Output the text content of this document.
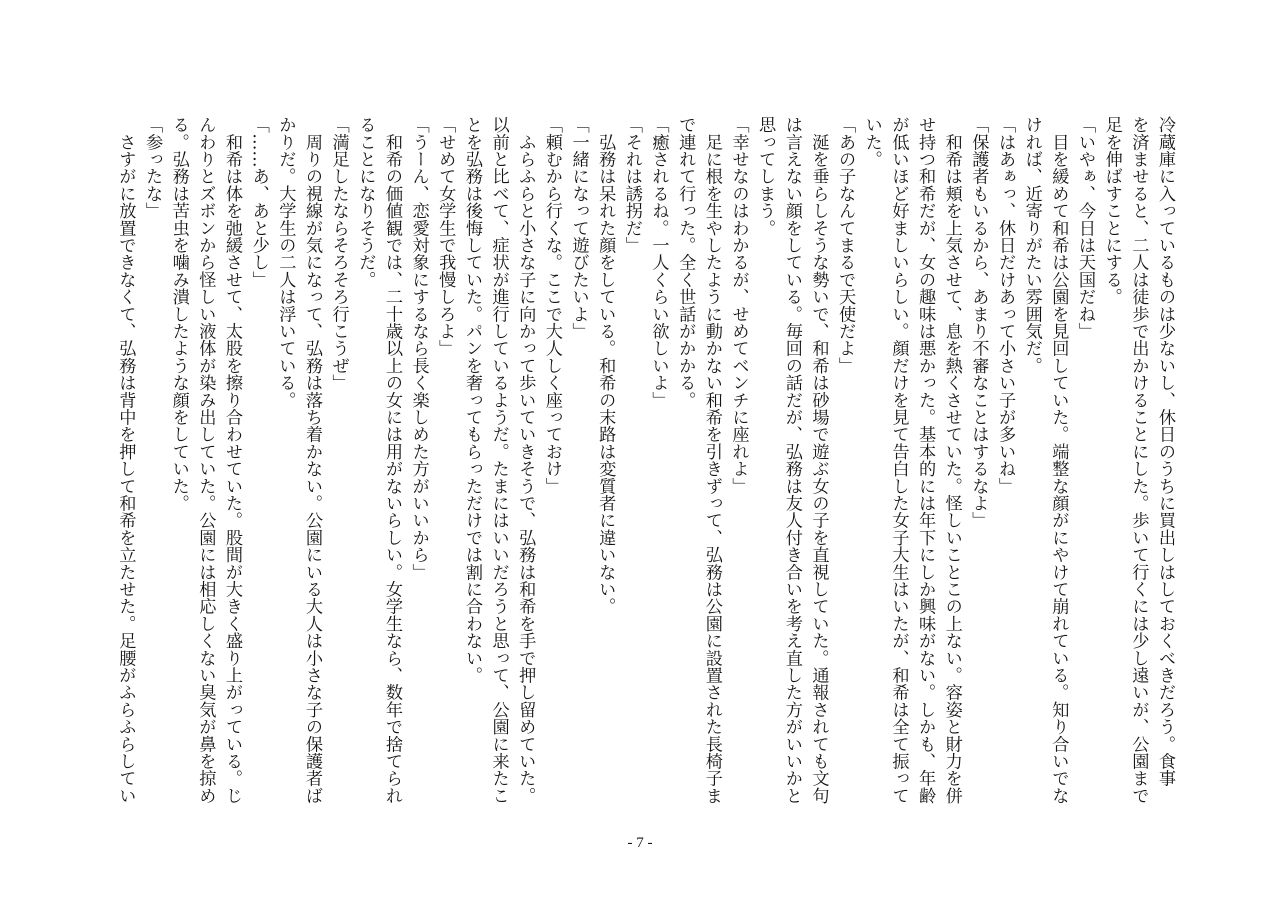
冷蔵庫に入っているものは少ないし、休日のうちに買出しはしておくべきだろう。食事
を済ませると、二人は徒歩で出かけることにした。歩いて行くには少し遠いが、公園まで
足を伸ばすことにする。
「いやぁ、今日は天国だね」
　目を緩めて和希は公園を見回していた。端整な顔がにやけて崩れている。知り合いでな
ければ、近寄りがたい雰囲気だ。
「はあぁっ、休日だけあって小さい子が多いね」
「保護者もいるから、あまり不審なことはするなよ」
　和希は頬を上気させて、息を熱くさせていた。怪しいことこの上ない。容姿と財力を併
せ持つ和希だが、女の趣味は悪かった。基本的には年下にしか興味がない。しかも、年齢
が低いほど好ましいらしい。顔だけを見て告白した女子大生はいたが、和希は全て振って
いた。
「あの子なんてまるで天使だよ」
　涎を垂らしそうな勢いで、和希は砂場で遊ぶ女の子を直視していた。通報されても文句
は言えない顔をしている。毎回の話だが、弘務は友人付き合いを考え直した方がいいかと
思ってしまう。
「幸せなのはわかるが、せめてベンチに座れよ」
　足に根を生やしたように動かない和希を引きずって、弘務は公園に設置された長椅子ま
で連れて行った。全く世話がかかる。
「癒されるね。一人くらい欲しいよ」
「それは誘拐だ」
　弘務は呆れた顔をしている。和希の末路は変質者に違いない。
「一緒になって遊びたいよ」
「頼むから行くな。ここで大人しく座っておけ」
　ふらふらと小さな子に向かって歩いていきそうで、弘務は和希を手で押し留めていた。
以前と比べて、症状が進行しているようだ。たまにはいいだろうと思って、公園に来たこ
とを弘務は後悔していた。パンを奢ってもらっただけでは割に合わない。
「せめて女学生で我慢しろよ」
「うーん、恋愛対象にするなら長く楽しめた方がいいから」
　和希の価値観では、二十歳以上の女には用がないらしい。女学生なら、数年で捨てられ
ることになりそうだ。
「満足したならそろそろ行こうぜ」
　周りの視線が気になって、弘務は落ち着かない。公園にいる大人は小さな子の保護者ば
かりだ。大学生の二人は浮いている。
「……あ、あと少し」
　和希は体を弛緩させて、太股を擦り合わせていた。股間が大きく盛り上がっている。じ
んわりとズボンから怪しい液体が染み出していた。公園には相応しくない臭気が鼻を掠め
る。弘務は苦虫を噛み潰したような顔をしていた。
「参ったな」
　さすがに放置できなくて、弘務は背中を押して和希を立たせた。足腰がふらふらしてい
- 7 -
